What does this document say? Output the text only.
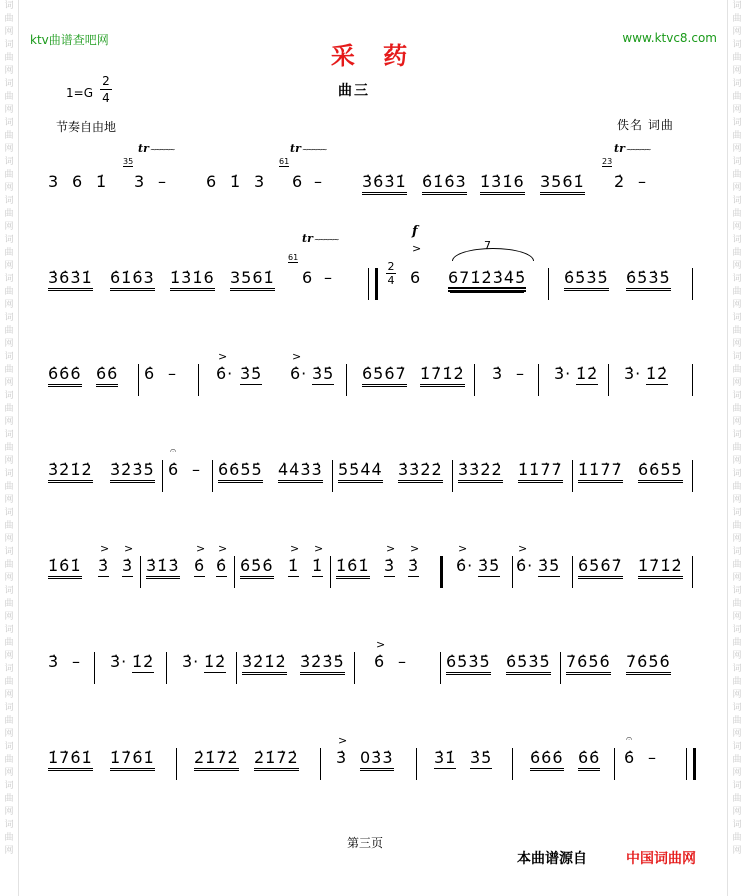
词曲网词曲网词曲网词曲网词曲网词曲网词曲网词曲网词曲网词曲网词曲网词曲网词曲网词曲网词曲网词曲网词曲网词曲网词曲网词曲网词曲网词曲网
词曲网词曲网词曲网词曲网词曲网词曲网词曲网词曲网词曲网词曲网词曲网词曲网词曲网词曲网词曲网词曲网词曲网词曲网词曲网词曲网词曲网词曲网
ktv曲谱查吧网	www.ktvc8.com
采 药
曲三
1=G
2
4
节奏自由地	佚名 词曲
tr ~~~~~	tr ~~~~~	tr ~~~~~
35	61	23
3 6 1̇ 3 – 6 1̇ 3 6 – 3̇6̇3̇1̇ 6̇1̇6̇3 1̇3̇1̇6 3561̇ 2̇ –
tr ~~~~~
61
f
>	7
3̇6̇3̇1̇ 6̇1̇6̇3 1̇3̇1̇6 3561̇ 6 –
2
4 6 671̇2̇3̇4̇5̇ 6̇5̇3̇5̇ 6̇5̇3̇5̇
6̇6̇6̇ 6̇6̇ 6̇ –
>
6̇· 3̇5̇
>
6̇· 3̇5̇ 6̇5̇6̇7̇ 1̇7̇1̇2̇ 3̇ – 3̇· 1̇2̇ 3̇· 1̇2̇
3̇2̇1̇2̇ 3̇2̇3̇5̇
𝄐
6̇ – 6̇6̇5̇5̇ 4̇4̇3̇3̇ 5̇5̇4̇4̇ 3̇3̇2̇2̇ 3̇3̇2̇2̇ 1̇1̇7̇7̇ 1̇1̇7̇7̇ 6̇6̇5̇5̇
1̇6̇1̇
>
3̇
>
3̇ 3̇1̇3̇
>
6̇
>
6̇ 6̇5̇6̇
>
1̇
>
1̇ 1̇6̇1̇
>
3̇
>
3̇
>
6̇· 3̇5̇
>
6̇· 3̇5̇ 6̇5̇6̇7̇ 1̇7̇1̇2̇
3̇ – 3̇· 1̇2̇ 3̇· 1̇2̇ 3̇2̇1̇2̇ 3̇2̇3̇5̇
>
6̇ – 6̇5̇3̇5̇ 6̇5̇3̇5̇ 7̇6̇5̇6̇ 7̇6̇5̇6̇
1̇7̇6̇1̇ 1̇7̇6̇1̇ 2̇1̇7̇2̇ 2̇1̇7̇2̇
>
3̇ 03̇3̇	3̇1̇ 3̇5̇ 6̇6̇6̇ 6̇6̇
𝄐
6̇ –
第三页
本曲谱源自	中国词曲网
